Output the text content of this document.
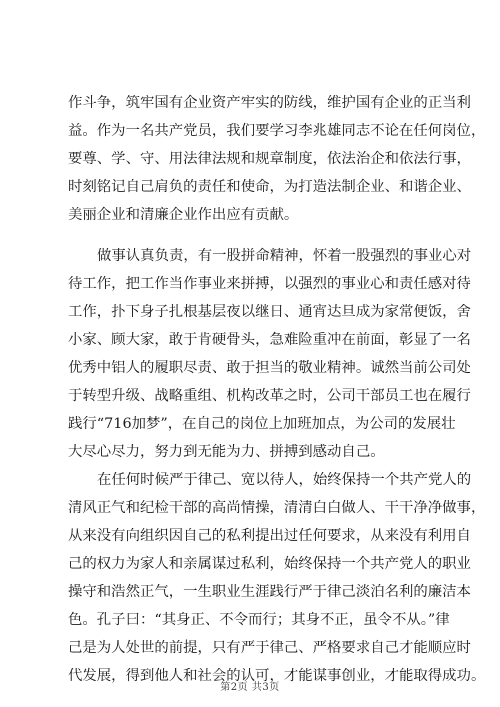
作斗争，筑牢国有企业资产牢实的防线，维护国有企业的正当利
益。作为一名共产党员，我们要学习李兆雄同志不论在任何岗位，
要尊、学、守、用法律法规和规章制度，依法治企和依法行事，
时刻铭记自己肩负的责任和使命，为打造法制企业、和谐企业、
美丽企业和清廉企业作出应有贡献。
做事认真负责，有一股拼命精神，怀着一股强烈的事业心对
待工作，把工作当作事业来拼搏，以强烈的事业心和责任感对待
工作，扑下身子扎根基层夜以继日、通宵达旦成为家常便饭，舍
小家、顾大家，敢于肯硬骨头，急难险重冲在前面，彰显了一名
优秀中铝人的履职尽责、敢于担当的敬业精神。诚然当前公司处
于转型升级、战略重组、机构改革之时，公司干部员工也在履行
践行“716加梦”，在自己的岗位上加班加点，为公司的发展壮
大尽心尽力，努力到无能为力、拼搏到感动自己。
在任何时候严于律己、宽以待人，始终保持一个共产党人的
清风正气和纪检干部的高尚情操，清清白白做人、干干净净做事，
从来没有向组织因自己的私利提出过任何要求，从来没有利用自
己的权力为家人和亲属谋过私利，始终保持一个共产党人的职业
操守和浩然正气，一生职业生涯践行严于律己淡泊名利的廉洁本
色。孔子曰：“其身正、不令而行；其身不正，虽令不从。”律
己是为人处世的前提，只有严于律己、严格要求自己才能顺应时
代发展，得到他人和社会的认可，才能谋事创业，才能取得成功。
第2页 共3页
